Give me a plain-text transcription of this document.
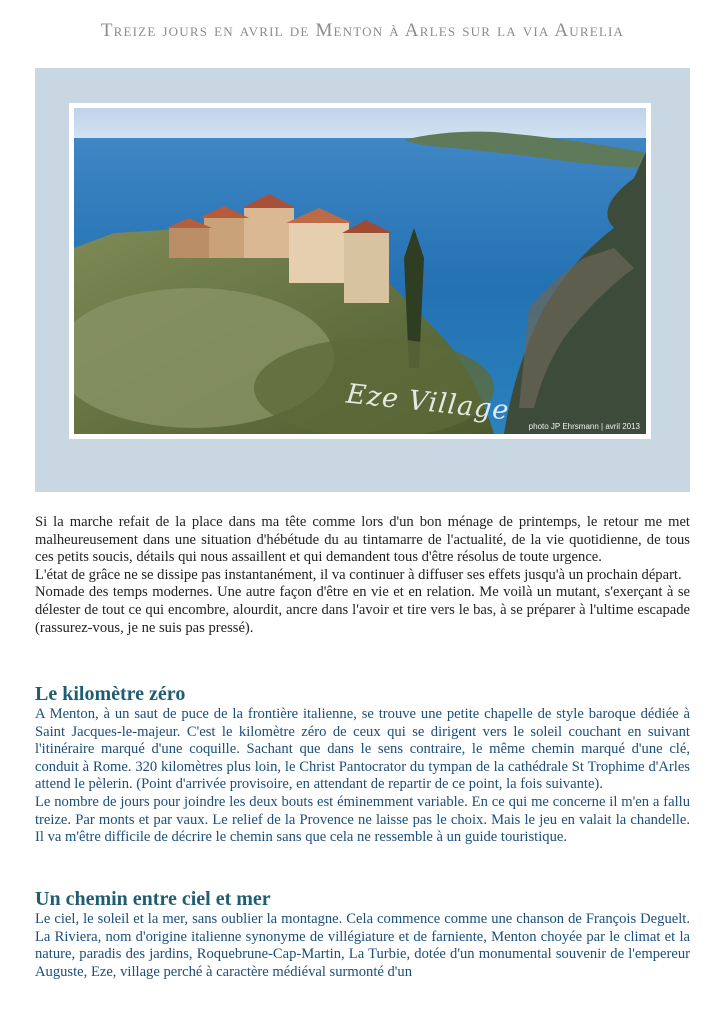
Treize jours en avril de Menton à Arles sur la via Aurelia
Eze Village
photo JP Ehrsmann | avril 2013

Si la marche refait de la place dans ma tête comme lors d'un bon ménage de printemps, le retour me met malheureusement dans une situation d'hébétude du au tintamarre de l'actualité, de la vie quotidienne, de tous ces petits soucis, détails qui nous assaillent et qui demandent tous d'être résolus de toute urgence.

L'état de grâce ne se dissipe pas instantanément, il va continuer à diffuser ses effets jusqu'à un prochain départ.

Nomade des temps modernes. Une autre façon d'être en vie et en relation. Me voilà un mutant, s'exerçant à se délester de tout ce qui encombre, alourdit, ancre dans l'avoir et tire vers le bas, à se préparer à l'ultime escapade (rassurez-vous, je ne suis pas pressé).

Le kilomètre zéro

A Menton, à un saut de puce de la frontière italienne, se trouve une petite chapelle de style baroque dédiée à Saint Jacques-le-majeur. C'est le kilomètre zéro de ceux qui se dirigent vers le soleil couchant en suivant l'itinéraire marqué d'une coquille. Sachant que dans le sens contraire, le même chemin marqué d'une clé, conduit à Rome. 320 kilomètres plus loin, le Christ Pantocrator du tympan de la cathédrale St Trophime d'Arles attend le pèlerin. (Point d'arrivée provisoire, en attendant de repartir de ce point, la fois suivante).

Le nombre de jours pour joindre les deux bouts est éminemment variable. En ce qui me concerne il m'en a fallu treize. Par monts et par vaux. Le relief de la Provence ne laisse pas le choix. Mais le jeu en valait la chandelle. Il va m'être difficile de décrire le chemin sans que cela ne ressemble à un guide touristique.

Un chemin entre ciel et mer

Le ciel, le soleil et la mer, sans oublier la montagne. Cela commence comme une chanson de François Deguelt. La Riviera, nom d'origine italienne synonyme de villégiature et de farniente, Menton choyée par le climat et la nature, paradis des jardins, Roquebrune-Cap-Martin, La Turbie, dotée d'un monumental souvenir de l'empereur Auguste, Eze, village perché à caractère médiéval surmonté d'un
